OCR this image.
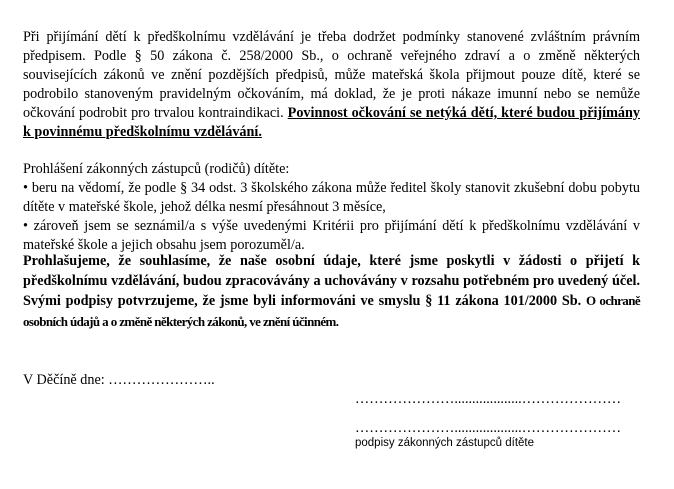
Při přijímání dětí k předškolnímu vzdělávání je třeba dodržet podmínky stanovené zvláštním právním předpisem. Podle § 50 zákona č. 258/2000 Sb., o ochraně veřejného zdraví a o změně některých souvisejících zákonů ve znění pozdějších předpisů, může mateřská škola přijmout pouze dítě, které se podrobilo stanoveným pravidelným očkováním, má doklad, že je proti nákaze imunní nebo se nemůže očkování podrobit pro trvalou kontraindikaci. Povinnost očkování se netýká dětí, které budou přijímány k povinnému předškolnímu vzdělávání.

Prohlášení zákonných zástupců (rodičů) dítěte:
• beru na vědomí, že podle § 34 odst. 3 školského zákona může ředitel školy stanovit zkušební dobu pobytu dítěte v mateřské škole, jehož délka nesmí přesáhnout 3 měsíce,
• zároveň jsem se seznámil/a s výše uvedenými Kritérii pro přijímání dětí k předškolnímu vzdělávání v mateřské škole a jejich obsahu jsem porozuměl/a.
Prohlašujeme, že souhlasíme, že naše osobní údaje, které jsme poskytli v žádosti o přijetí k předškolnímu vzdělávání, budou zpracovávány a uchovávány v rozsahu potřebném pro uvedený účel. Svými podpisy potvrzujeme, že jsme byli informováni ve smyslu § 11 zákona 101/2000 Sb. O ochraně osobních údajů a o změně některých zákonů, ve znění účinném.
V Děčíně dne: …………………..
…………………...................…………………
…………………...................…………………
podpisy zákonných zástupců dítěte
